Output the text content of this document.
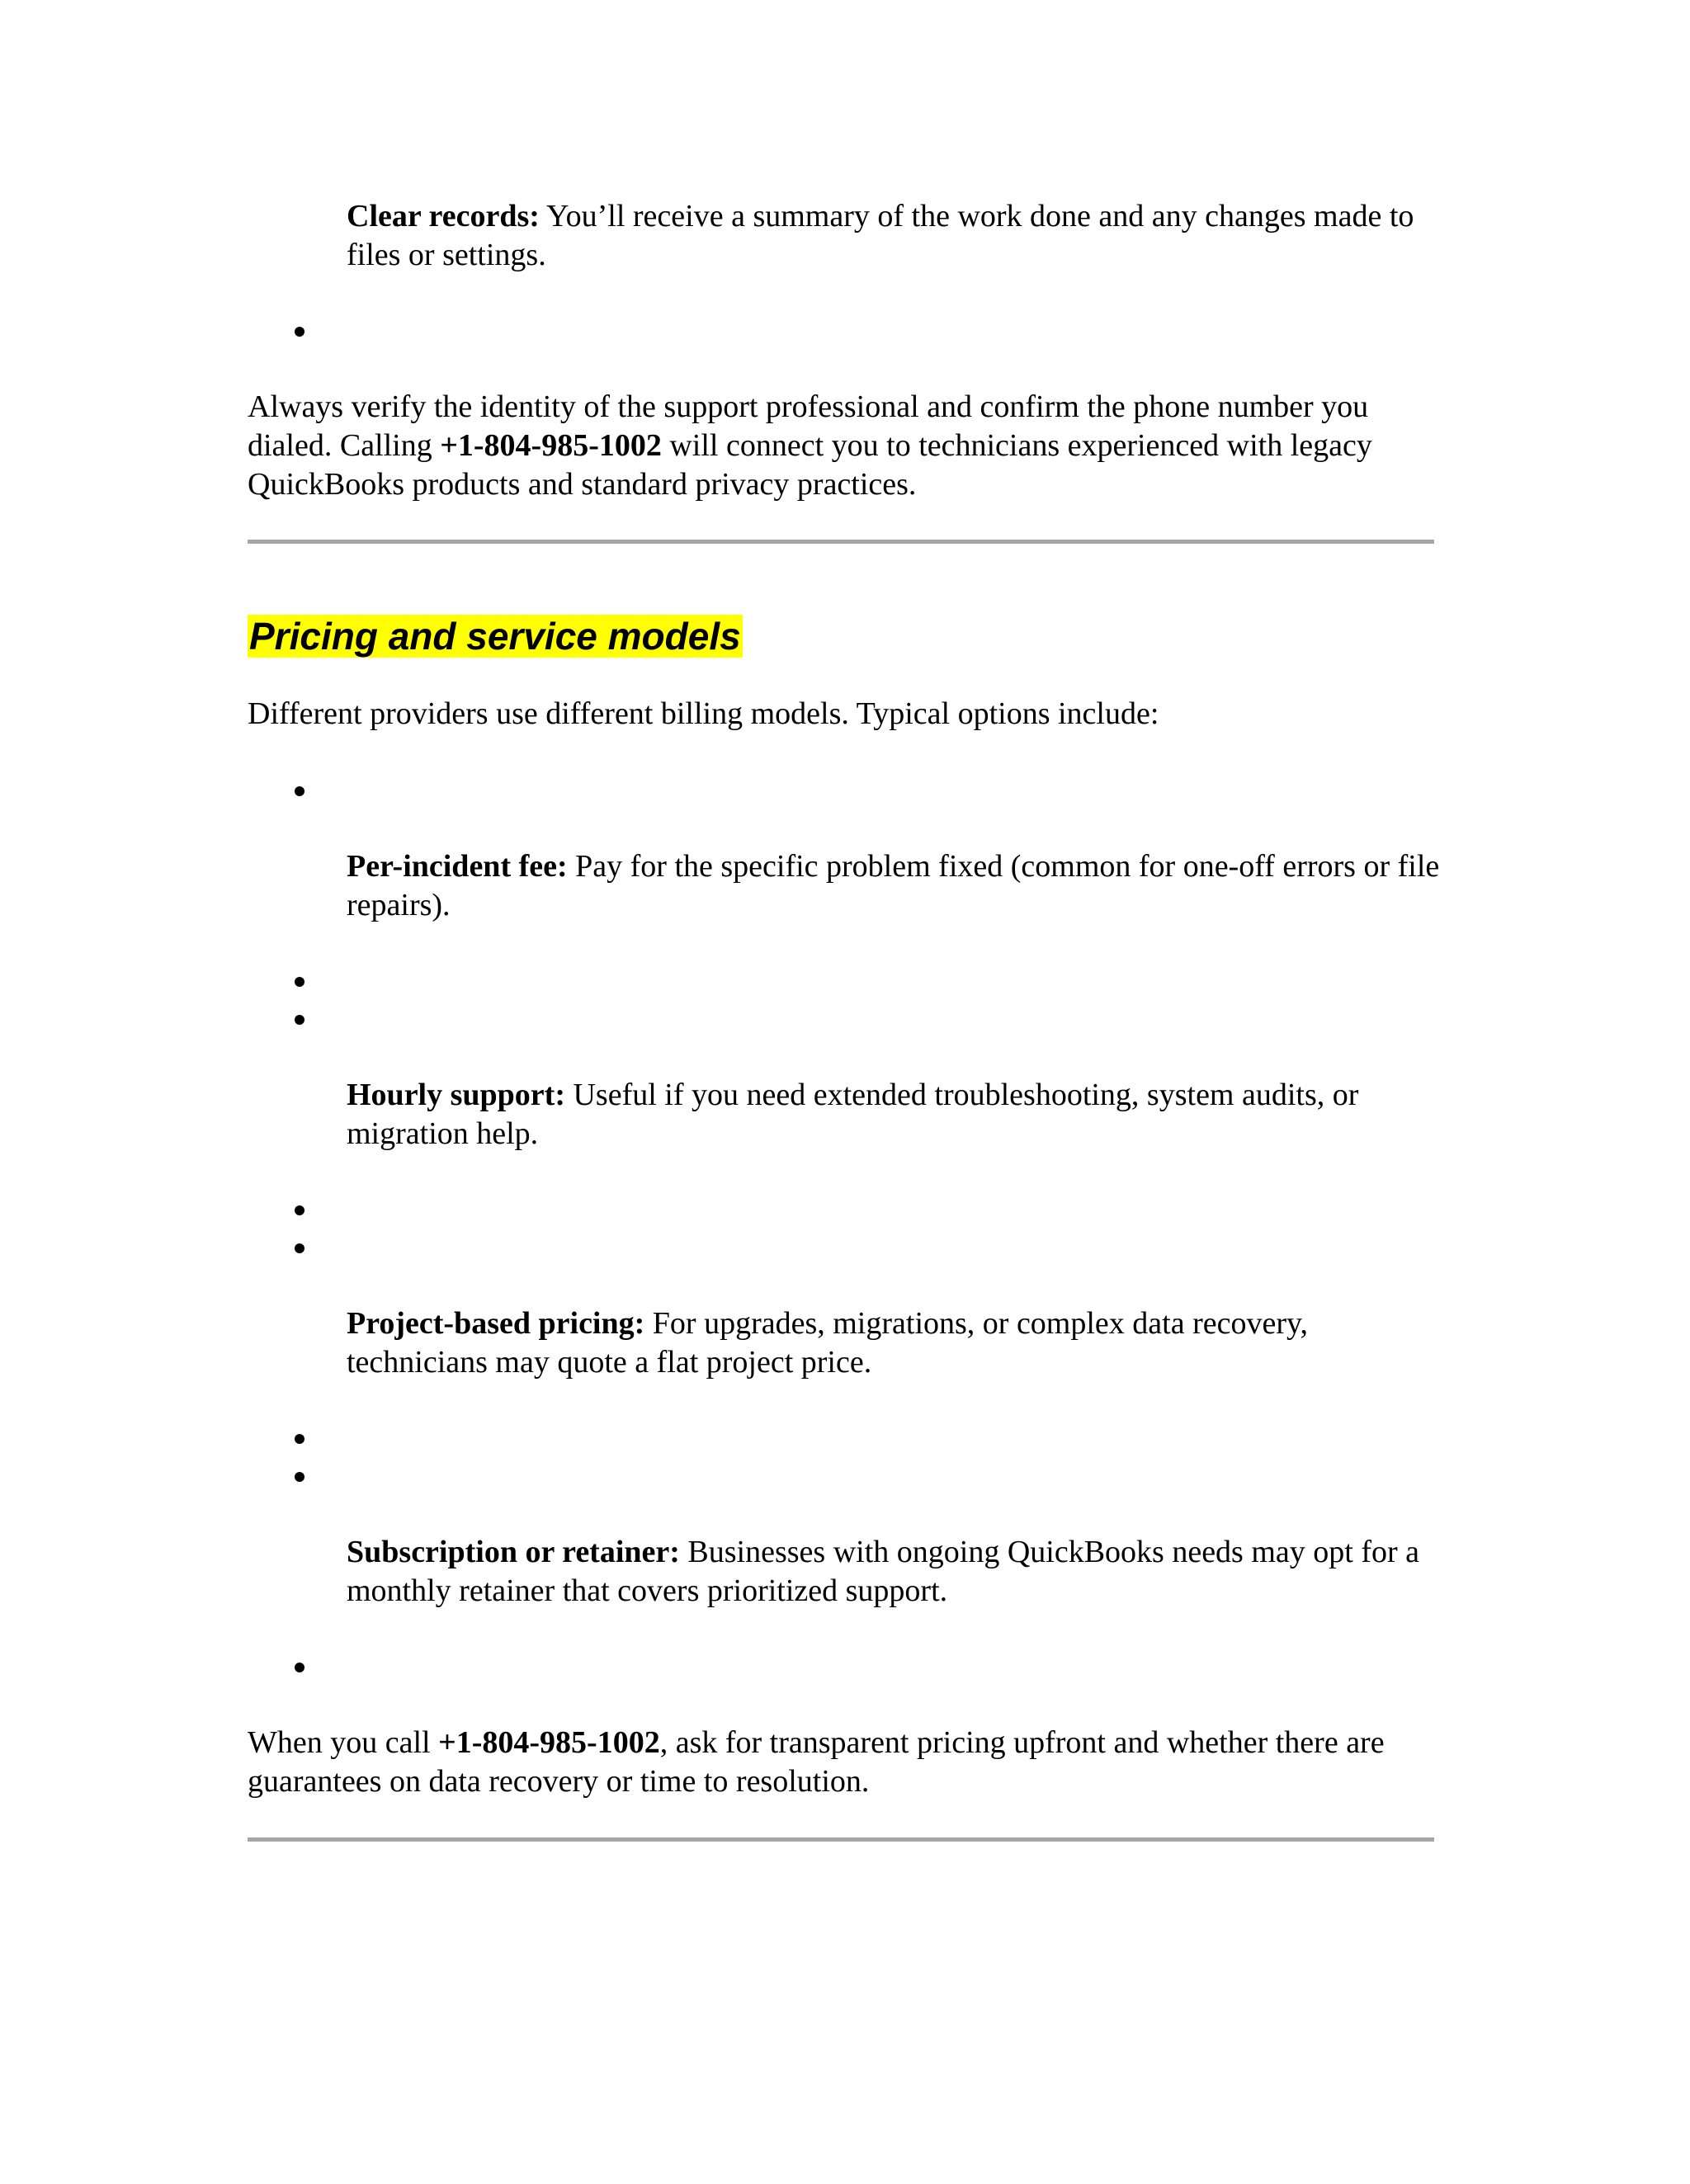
Clear records: You’ll receive a summary of the work done and any changes made to files or settings.

Always verify the identity of the support professional and confirm the phone number you dialed. Calling +1-804-985-1002 will connect you to technicians experienced with legacy QuickBooks products and standard privacy practices.

Pricing and service models

Different providers use different billing models. Typical options include:

Per-incident fee: Pay for the specific problem fixed (common for one-off errors or file repairs).

Hourly support: Useful if you need extended troubleshooting, system audits, or migration help.

Project-based pricing: For upgrades, migrations, or complex data recovery, technicians may quote a flat project price.

Subscription or retainer: Businesses with ongoing QuickBooks needs may opt for a monthly retainer that covers prioritized support.

When you call +1-804-985-1002, ask for transparent pricing upfront and whether there are guarantees on data recovery or time to resolution.
